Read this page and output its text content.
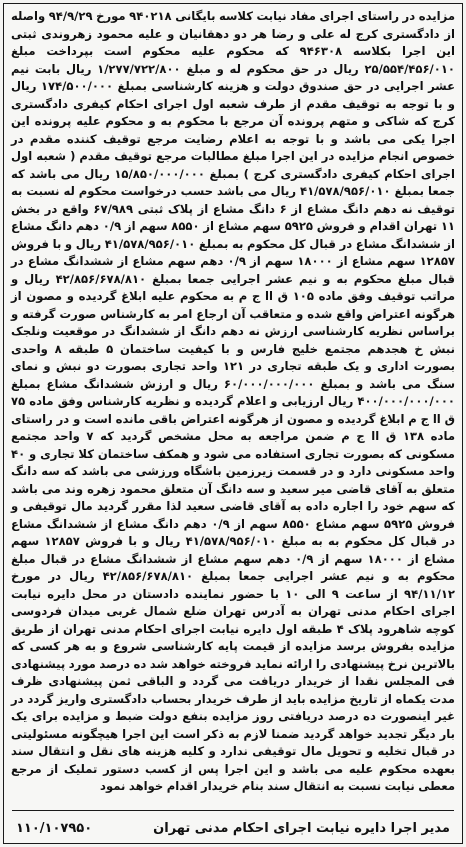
مزایده در راستای اجرای مفاد نیابت کلاسه بایگانی ۹۴۰۲۱۸ مورخ ۹۴/۹/۲۹ واصله از دادگستری کرج له علی و رضا هر دو دهقانیان و علیه محمود زهروندی ثبتی این اجرا بکلاسه ۹۴۶۳۰۸ که محکوم علیه محکوم است بپرداخت مبلغ ۲۵/۵۵۴/۴۵۶/۰۱۰ ریال در حق محکوم له و مبلغ ۱/۲۷۷/۷۲۲/۸۰۰ ریال بابت نیم عشر اجرایی در حق صندوق دولت و هزینه کارشناسی بمبلغ ۱۷۴/۵۰۰/۰۰۰ ریال و با توجه به توقیف مقدم از طرف شعبه اول اجرای احکام کیفری دادگستری کرج که شاکی و متهم پرونده آن مرجع با محکوم به و محکوم علیه پرونده این اجرا یکی می باشد و با توجه به اعلام رضایت مرجع توقیف کننده مقدم در خصوص انجام مزایده در این اجرا مبلغ مطالبات مرجع توقیف مقدم ( شعبه اول اجرای احکام کیفری دادگستری کرج ) بمبلغ ۱۵/۸۵۰/۰۰۰/۰۰۰ ریال می باشد که جمعا بمبلغ ۴۱/۵۷۸/۹۵۶/۰۱۰ ریال می باشد حسب درخواست محکوم له نسبت به توقیف نه دهم دانگ مشاع از ۶ دانگ مشاع از پلاک ثبتی ۶۷/۹۸۹ واقع در بخش ۱۱ تهران اقدام و فروش ۵۹۲۵ سهم مشاع از ۸۵۵۰ سهم از ۰/۹ دهم دانگ مشاع از ششدانگ مشاع در قبال کل محکوم به بمبلغ ۴۱/۵۷۸/۹۵۶/۰۱۰ ریال و با فروش ۱۲۸۵۷ سهم مشاع از ۱۸۰۰۰ سهم از ۰/۹ دهم سهم مشاع از ششدانگ مشاع در قبال مبلغ محکوم به و نیم عشر اجرایی جمعا بمبلغ ۴۲/۸۵۶/۶۷۸/۸۱۰ ریال و مراتب توقیف وفق ماده ۱۰۵ ق اا ج م به محکوم علیه ابلاغ گردیده و مصون از هرگونه اعتراض واقع شده و متعاقب آن ارجاع امر به کارشناس صورت گرفته و براساس نظریه کارشناسی ارزش نه دهم دانگ از ششدانگ در موقعیت ونلجک نبش خ هجدهم مجتمع خلیج فارس و با کیفیت ساختمان ۵ طبقه ۸ واحدی بصورت اداری و یک طبقه تجاری در ۱۲۱ واحد تجاری بصورت دو نبش و نمای سنگ می باشد و بمبلغ ۶۰/۰۰۰/۰۰۰/۰۰۰ ریال و ارزش ششدانگ مشاع بمبلغ ۴۰۰/۰۰۰/۰۰۰/۰۰۰ ریال ارزیابی و اعلام گردیده و نظریه کارشناس وفق ماده ۷۵ ق اا ج م ابلاغ گردیده و مصون از هرگونه اعتراض باقی مانده است و در راستای ماده ۱۳۸ ق اا ج م ضمن مراجعه به محل مشخص گردید که ۷ واحد مجتمع مسکونی که بصورت تجاری استفاده می شود و همکف ساختمان کلا تجاری و ۴۰ واحد مسکونی دارد و در قسمت زیرزمین باشگاه ورزشی می باشد که سه دانگ متعلق به آقای قاضی میر سعید و سه دانگ آن متعلق محمود زهره وند می باشد که سهم خود را اجاره داده به آقای قاضی سعید لذا مقرر گردید مال توقیفی و فروش ۵۹۲۵ سهم مشاع ۸۵۵۰ سهم از ۰/۹ دهم دانگ مشاع از ششدانگ مشاع در قبال کل محکوم به به مبلغ ۴۱/۵۷۸/۹۵۶/۰۱۰ ریال و با فروش ۱۲۸۵۷ سهم مشاع از ۱۸۰۰۰ سهم از ۰/۹ دهم سهم مشاع از ششدانگ مشاع در قبال مبلغ محکوم به و نیم عشر اجرایی جمعا بمبلغ ۴۲/۸۵۶/۶۷۸/۸۱۰ ریال در مورخ ۹۴/۱۱/۱۲ از ساعت ۹ الی ۱۰ با حضور نماینده دادستان در محل دایره نیابت اجرای احکام مدنی تهران به آدرس تهران ضلع شمال غربی میدان فردوسی کوچه شاهرود پلاک ۴ طبقه اول دایره نیابت اجرای احکام مدنی تهران از طریق مزایده بفروش برسد مزایده از قیمت پایه کارشناسی شروع و به هر کسی که بالاترین نرخ پیشنهادی را ارائه نماید فروخته خواهد شد ده درصد مورد پیشنهادی فی المجلس نقدا از خریدار دریافت می گردد و الباقی ثمن پیشنهادی ظرف مدت یکماه از تاریخ مزایده باید از طرف خریدار بحساب دادگستری واریز گردد در غیر اینصورت ده درصد دریافتی روز مزایده بنفع دولت ضبط و مزایده برای یک بار دیگر تجدید خواهد گردید ضمنا لازم به ذکر است این اجرا هیچگونه مسئولیتی در قبال تخلیه و تحویل مال توقیفی ندارد و کلیه هزینه های نقل و انتقال سند بعهده محکوم علیه می باشد و این اجرا پس از کسب دستور تملیک از مرجع معطی نیابت نسبت به انتقال سند بنام خریدار اقدام خواهد نمود

مدیر اجرا دایره نیابت اجرای احکام مدنی تهران
۱۱۰/۱۰۷۹۵۰
